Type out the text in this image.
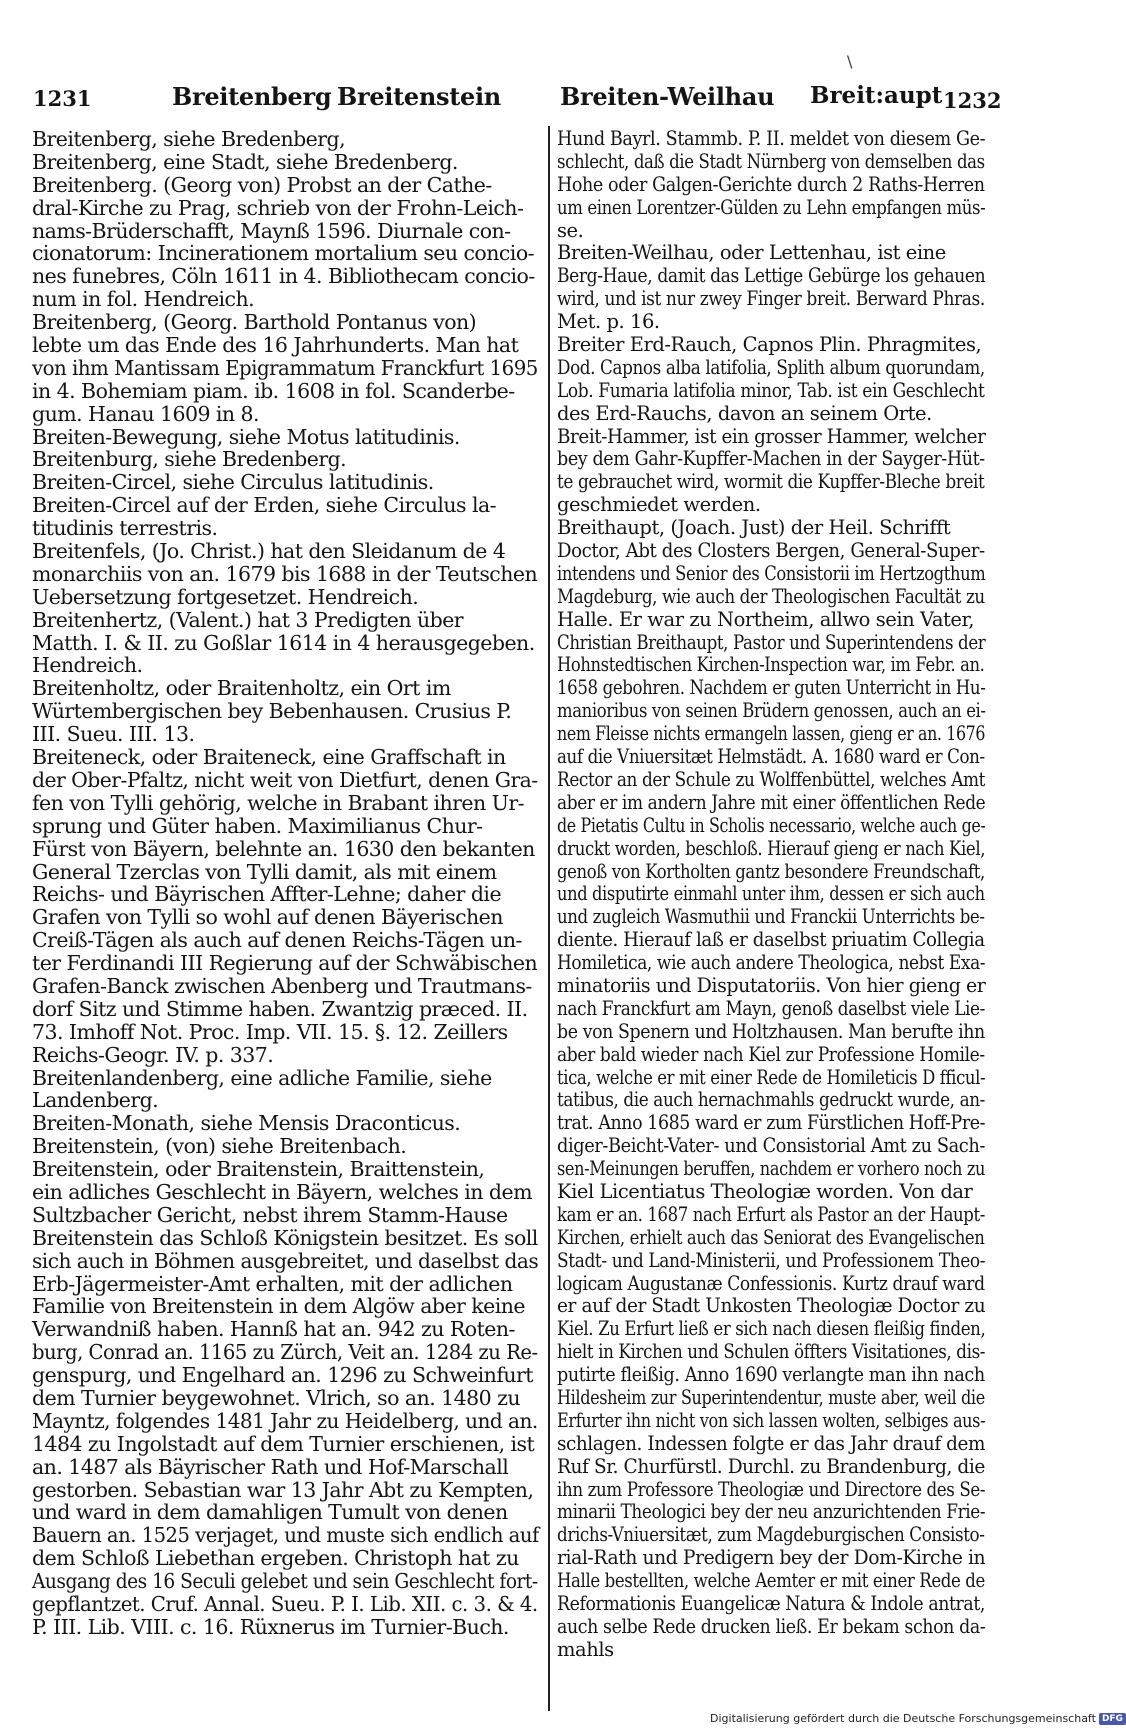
\
1231	Breitenberg Breitenstein Breiten-Weilhau Breit:aupt 1232
Breitenberg, siehe Bredenberg,
Breitenberg, eine Stadt, siehe Bredenberg.
Breitenberg. (Georg von) Probst an der Cathe-
dral-Kirche zu Prag, schrieb von der Frohn-Leich-
nams-Brüderschafft, Maynß 1596. Diurnale con-
cionatorum: Incinerationem mortalium seu concio-
nes funebres, Cöln 1611 in 4. Bibliothecam concio-
num in fol. Hendreich.
Breitenberg, (Georg. Barthold Pontanus von)
lebte um das Ende des 16 Jahrhunderts. Man hat
von ihm Mantissam Epigrammatum Franckfurt 1695
in 4. Bohemiam piam. ib. 1608 in fol. Scanderbe-
gum. Hanau 1609 in 8.
Breiten-Bewegung, siehe Motus latitudinis.
Breitenburg, siehe Bredenberg.
Breiten-Circel, siehe Circulus latitudinis.
Breiten-Circel auf der Erden, siehe Circulus la-
titudinis terrestris.
Breitenfels, (Jo. Christ.) hat den Sleidanum de 4
monarchiis von an. 1679 bis 1688 in der Teutschen
Uebersetzung fortgesetzet. Hendreich.
Breitenhertz, (Valent.) hat 3 Predigten über
Matth. I. & II. zu Goßlar 1614 in 4 herausgegeben.
Hendreich.
Breitenholtz, oder Braitenholtz, ein Ort im
Würtembergischen bey Bebenhausen. Crusius P.
III. Sueu. III. 13.
Breiteneck, oder Braiteneck, eine Graffschaft in
der Ober-Pfaltz, nicht weit von Dietfurt, denen Gra-
fen von Tylli gehörig, welche in Brabant ihren Ur-
sprung und Güter haben. Maximilianus Chur-
Fürst von Bäyern, belehnte an. 1630 den bekanten
General Tzerclas von Tylli damit, als mit einem
Reichs- und Bäyrischen Affter-Lehne; daher die
Grafen von Tylli so wohl auf denen Bäyerischen
Creiß-Tägen als auch auf denen Reichs-Tägen un-
ter Ferdinandi III Regierung auf der Schwäbischen
Grafen-Banck zwischen Abenberg und Trautmans-
dorf Sitz und Stimme haben. Zwantzig præced. II.
73. Imhoff Not. Proc. Imp. VII. 15. §. 12. Zeillers
Reichs-Geogr. IV. p. 337.
Breitenlandenberg, eine adliche Familie, siehe
Landenberg.
Breiten-Monath, siehe Mensis Draconticus.
Breitenstein, (von) siehe Breitenbach.
Breitenstein, oder Braitenstein, Braittenstein,
ein adliches Geschlecht in Bäyern, welches in dem
Sultzbacher Gericht, nebst ihrem Stamm-Hause
Breitenstein das Schloß Königstein besitzet. Es soll
sich auch in Böhmen ausgebreitet, und daselbst das
Erb-Jägermeister-Amt erhalten, mit der adlichen
Familie von Breitenstein in dem Algöw aber keine
Verwandniß haben. Hannß hat an. 942 zu Roten-
burg, Conrad an. 1165 zu Zürch, Veit an. 1284 zu Re-
genspurg, und Engelhard an. 1296 zu Schweinfurt
dem Turnier beygewohnet. Vlrich, so an. 1480 zu
Mayntz, folgendes 1481 Jahr zu Heidelberg, und an.
1484 zu Ingolstadt auf dem Turnier erschienen, ist
an. 1487 als Bäyrischer Rath und Hof-Marschall
gestorben. Sebastian war 13 Jahr Abt zu Kempten,
und ward in dem damahligen Tumult von denen
Bauern an. 1525 verjaget, und muste sich endlich auf
dem Schloß Liebethan ergeben. Christoph hat zu
Ausgang des 16 Seculi gelebet und sein Geschlecht fort-
gepflantzet. Cruf. Annal. Sueu. P. I. Lib. XII. c. 3. & 4.
P. III. Lib. VIII. c. 16. Rüxnerus im Turnier-Buch.
Hund Bayrl. Stammb. P. II. meldet von diesem Ge-
schlecht, daß die Stadt Nürnberg von demselben das
Hohe oder Galgen-Gerichte durch 2 Raths-Herren
um einen Lorentzer-Gülden zu Lehn empfangen müs-
se.
Breiten-Weilhau, oder Lettenhau, ist eine
Berg-Haue, damit das Lettige Gebürge los gehauen
wird, und ist nur zwey Finger breit. Berward Phras.
Met. p. 16.
Breiter Erd-Rauch, Capnos Plin. Phragmites,
Dod. Capnos alba latifolia, Splith album quorundam,
Lob. Fumaria latifolia minor, Tab. ist ein Geschlecht
des Erd-Rauchs, davon an seinem Orte.
Breit-Hammer, ist ein grosser Hammer, welcher
bey dem Gahr-Kupffer-Machen in der Sayger-Hüt-
te gebrauchet wird, wormit die Kupffer-Bleche breit
geschmiedet werden.
Breithaupt, (Joach. Just) der Heil. Schrifft
Doctor, Abt des Closters Bergen, General-Super-
intendens und Senior des Consistorii im Hertzogthum
Magdeburg, wie auch der Theologischen Facultät zu
Halle. Er war zu Northeim, allwo sein Vater,
Christian Breithaupt, Pastor und Superintendens der
Hohnstedtischen Kirchen-Inspection war, im Febr. an.
1658 gebohren. Nachdem er guten Unterricht in Hu-
manioribus von seinen Brüdern genossen, auch an ei-
nem Fleisse nichts ermangeln lassen, gieng er an. 1676
auf die Vniuersitæt Helmstädt. A. 1680 ward er Con-
Rector an der Schule zu Wolffenbüttel, welches Amt
aber er im andern Jahre mit einer öffentlichen Rede
de Pietatis Cultu in Scholis necessario, welche auch ge-
druckt worden, beschloß. Hierauf gieng er nach Kiel,
genoß von Kortholten gantz besondere Freundschaft,
und disputirte einmahl unter ihm, dessen er sich auch
und zugleich Wasmuthii und Franckii Unterrichts be-
diente. Hierauf laß er daselbst priuatim Collegia
Homiletica, wie auch andere Theologica, nebst Exa-
minatoriis und Disputatoriis. Von hier gieng er
nach Franckfurt am Mayn, genoß daselbst viele Lie-
be von Spenern und Holtzhausen. Man berufte ihn
aber bald wieder nach Kiel zur Professione Homile-
tica, welche er mit einer Rede de Homileticis D fficul-
tatibus, die auch hernachmahls gedruckt wurde, an-
trat. Anno 1685 ward er zum Fürstlichen Hoff-Pre-
diger-Beicht-Vater- und Consistorial Amt zu Sach-
sen-Meinungen beruffen, nachdem er vorhero noch zu
Kiel Licentiatus Theologiæ worden. Von dar
kam er an. 1687 nach Erfurt als Pastor an der Haupt-
Kirchen, erhielt auch das Seniorat des Evangelischen
Stadt- und Land-Ministerii, und Professionem Theo-
logicam Augustanæ Confessionis. Kurtz drauf ward
er auf der Stadt Unkosten Theologiæ Doctor zu
Kiel. Zu Erfurt ließ er sich nach diesen fleißig finden,
hielt in Kirchen und Schulen öffters Visitationes, dis-
putirte fleißig. Anno 1690 verlangte man ihn nach
Hildesheim zur Superintendentur, muste aber, weil die
Erfurter ihn nicht von sich lassen wolten, selbiges aus-
schlagen. Indessen folgte er das Jahr drauf dem
Ruf Sr. Churfürstl. Durchl. zu Brandenburg, die
ihn zum Professore Theologiæ und Directore des Se-
minarii Theologici bey der neu anzurichtenden Frie-
drichs-Vniuersitæt, zum Magdeburgischen Consisto-
rial-Rath und Predigern bey der Dom-Kirche in
Halle bestellten, welche Aemter er mit einer Rede de
Reformationis Euangelicæ Natura & Indole antrat,
auch selbe Rede drucken ließ. Er bekam schon da-
mahls
Digitalisierung gefördert durch die Deutsche Forschungsgemeinschaft DFG
